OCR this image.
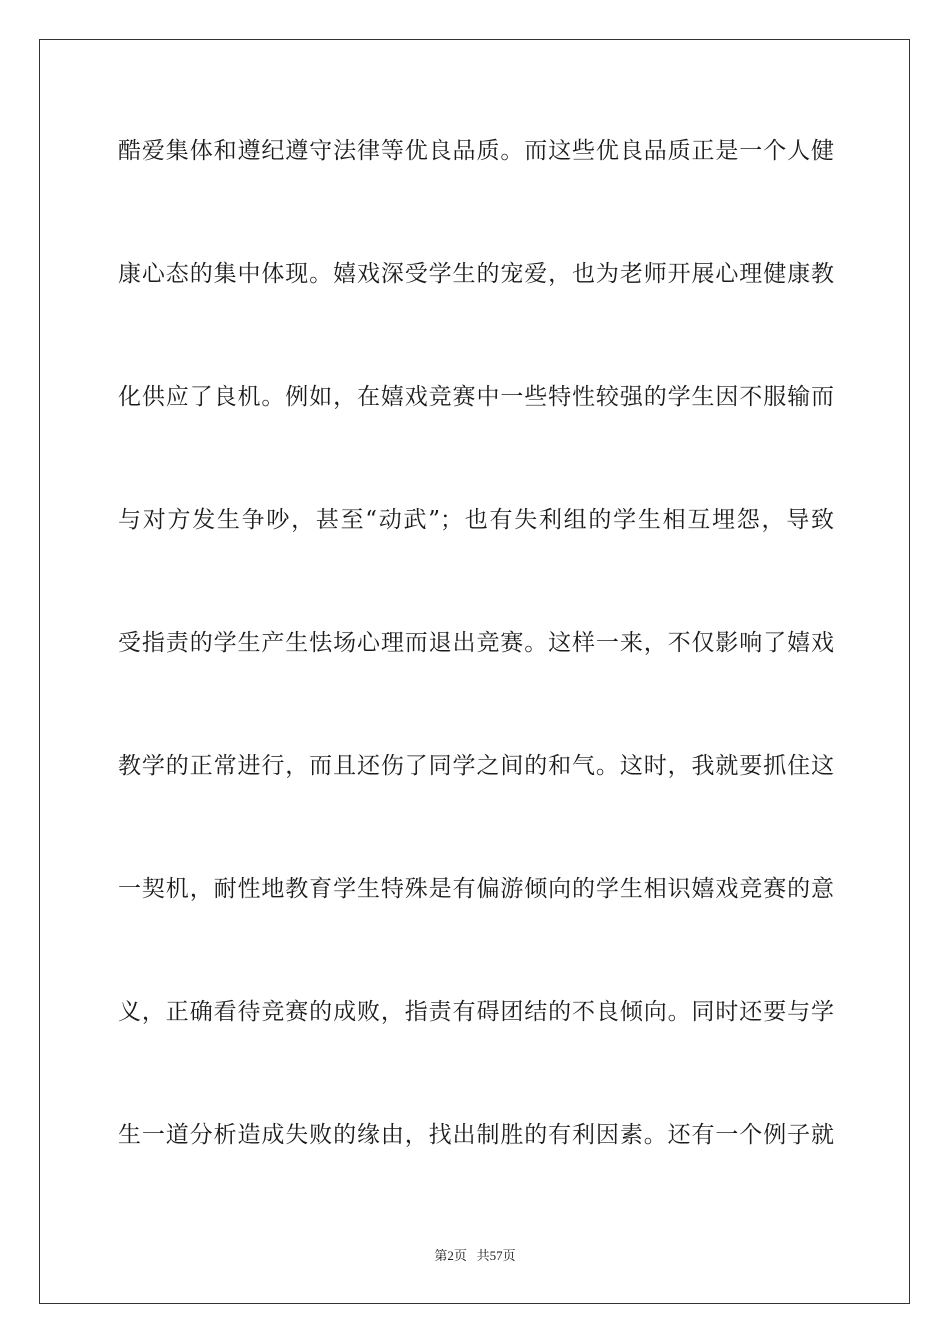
酷爱集体和遵纪遵守法律等优良品质。而这些优良品质正是一个人健
康心态的集中体现。嬉戏深受学生的宠爱，也为老师开展心理健康教
化供应了良机。例如，在嬉戏竞赛中一些特性较强的学生因不服输而
与对方发生争吵，甚至“动武”；也有失利组的学生相互埋怨，导致
受指责的学生产生怯场心理而退出竞赛。这样一来，不仅影响了嬉戏
教学的正常进行，而且还伤了同学之间的和气。这时，我就要抓住这
一契机，耐性地教育学生特殊是有偏游倾向的学生相识嬉戏竞赛的意
义，正确看待竞赛的成败，指责有碍团结的不良倾向。同时还要与学
生一道分析造成失败的缘由，找出制胜的有利因素。还有一个例子就
第2页 共57页
